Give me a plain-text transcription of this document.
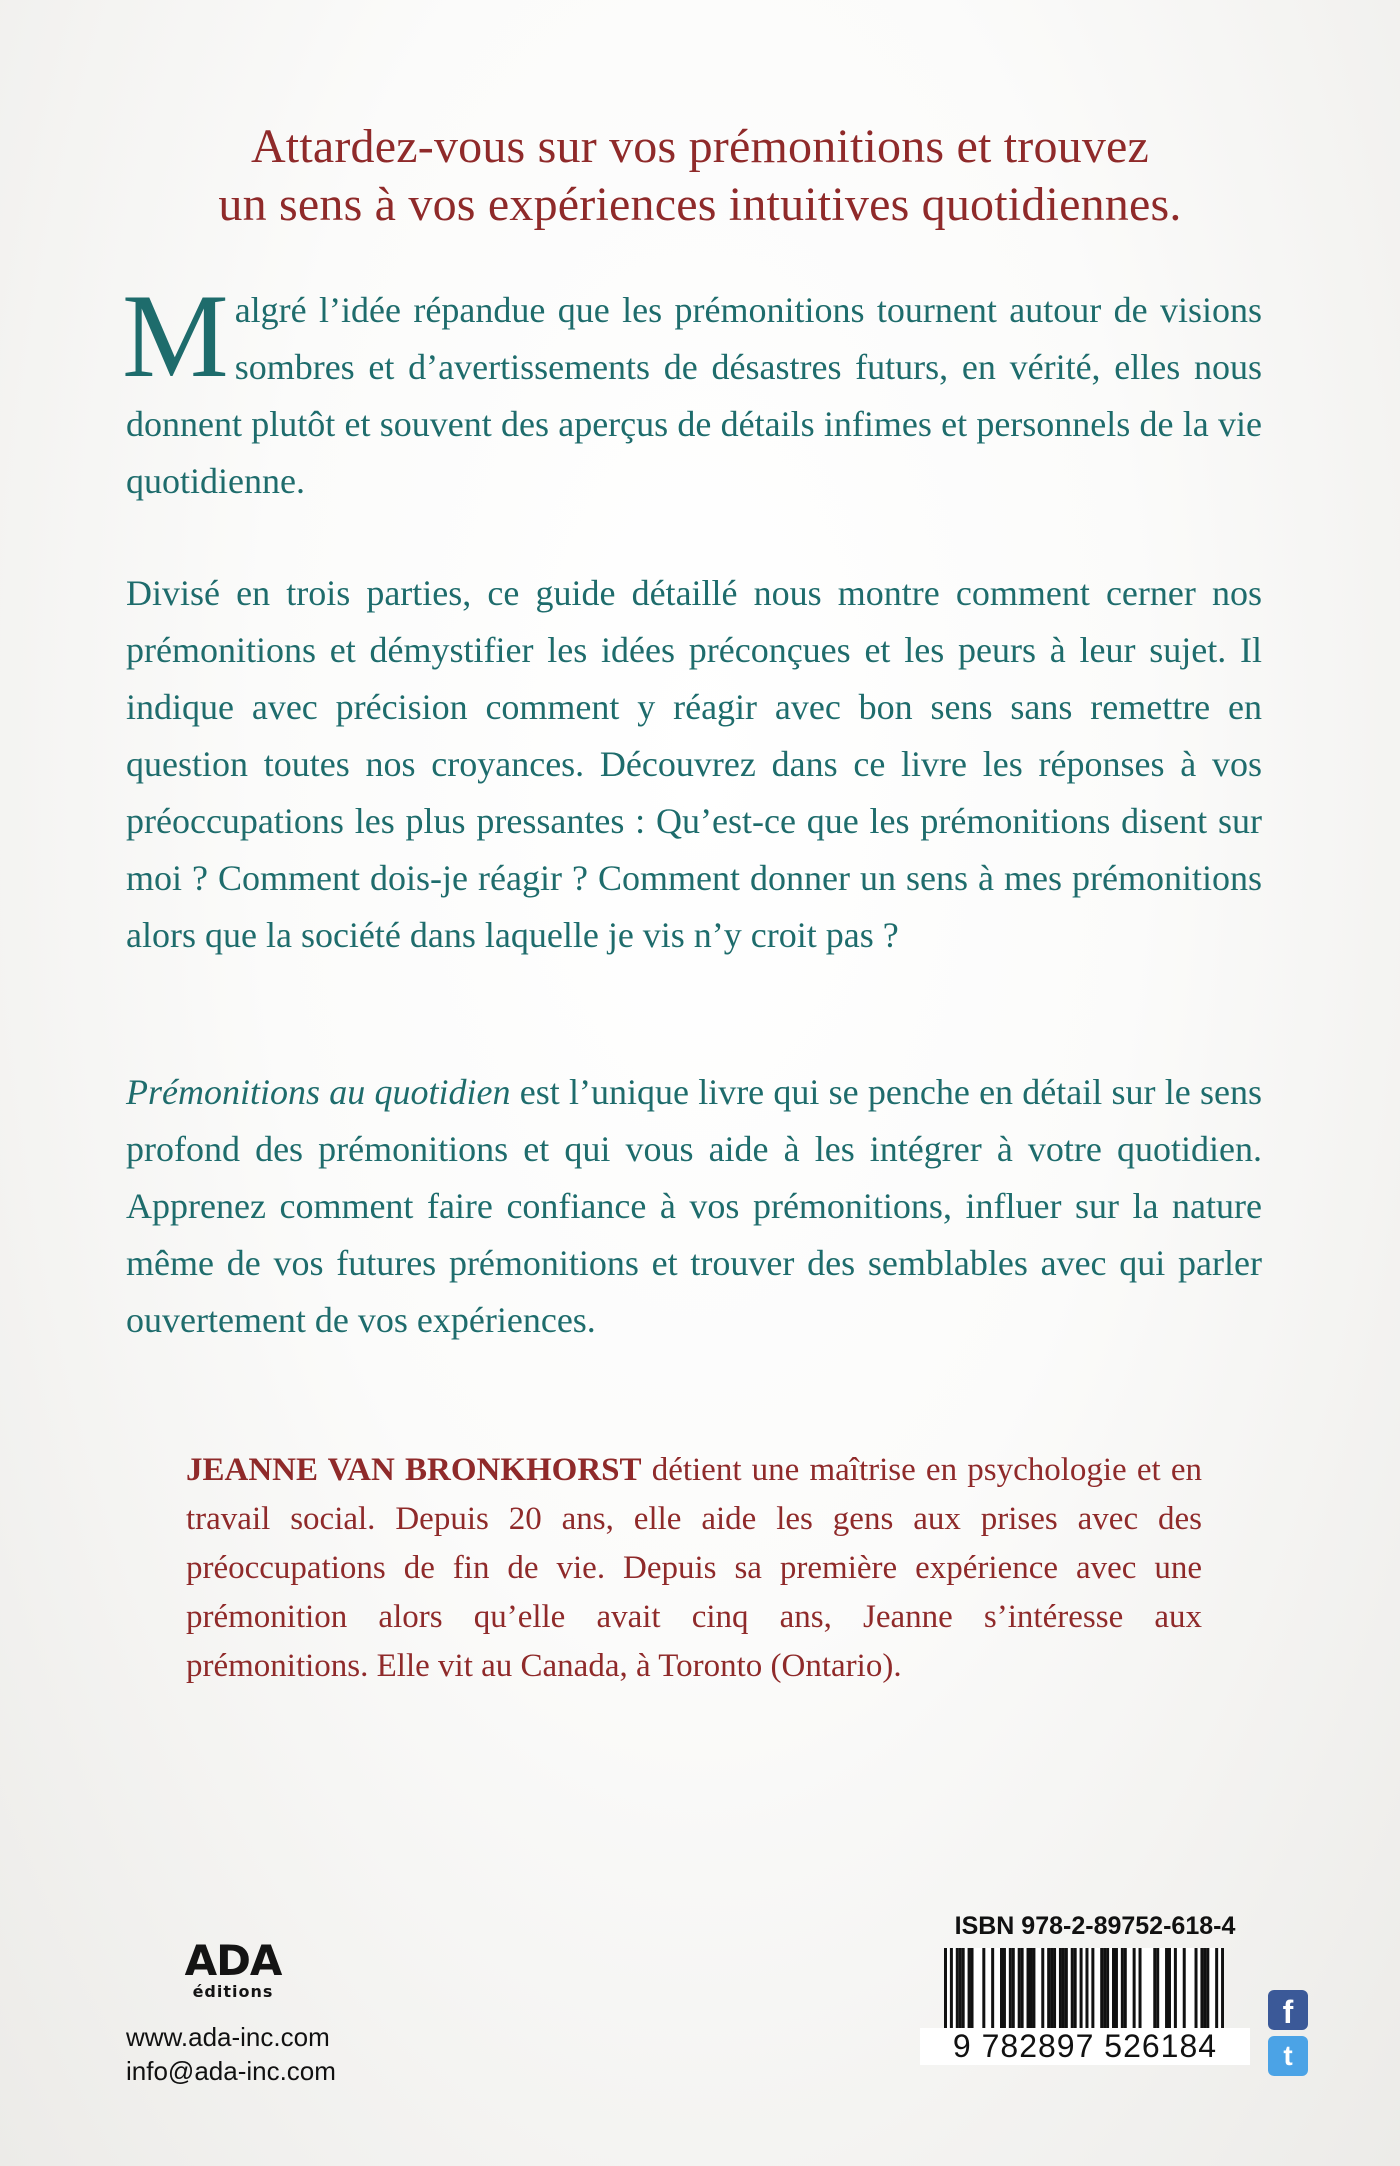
Attardez-vous sur vos prémonitions et trouvez
un sens à vos expériences intuitives quotidiennes.
Malgré l’idée répandue que les prémonitions tournent autour de visions sombres et d’avertissements de désastres futurs, en vérité, elles nous donnent plutôt et souvent des aperçus de détails infimes et personnels de la vie quotidienne.
Divisé en trois parties, ce guide détaillé nous montre comment cerner nos prémonitions et démystifier les idées préconçues et les peurs à leur sujet. Il indique avec précision comment y réagir avec bon sens sans remettre en question toutes nos croyances. Découvrez dans ce livre les réponses à vos préoccupations les plus pressantes : Qu’est-ce que les prémonitions disent sur moi ? Comment dois-je réagir ? Comment donner un sens à mes prémonitions alors que la société dans laquelle je vis n’y croit pas ?
Prémonitions au quotidien est l’unique livre qui se penche en détail sur le sens profond des prémonitions et qui vous aide à les intégrer à votre quotidien. Apprenez comment faire confiance à vos prémonitions, influer sur la nature même de vos futures prémonitions et trouver des semblables avec qui parler ouvertement de vos expériences.
JEANNE VAN BRONKHORST détient une maîtrise en psychologie et en travail social. Depuis 20 ans, elle aide les gens aux prises avec des préoccupations de fin de vie. Depuis sa première expérience avec une prémonition alors qu’elle avait cinq ans, Jeanne s’intéresse aux prémonitions. Elle vit au Canada, à Toronto (Ontario).
ADA
éditions
www.ada-inc.com
info@ada-inc.com
ISBN 978-2-89752-618-4
9 782897 526184
f
t
